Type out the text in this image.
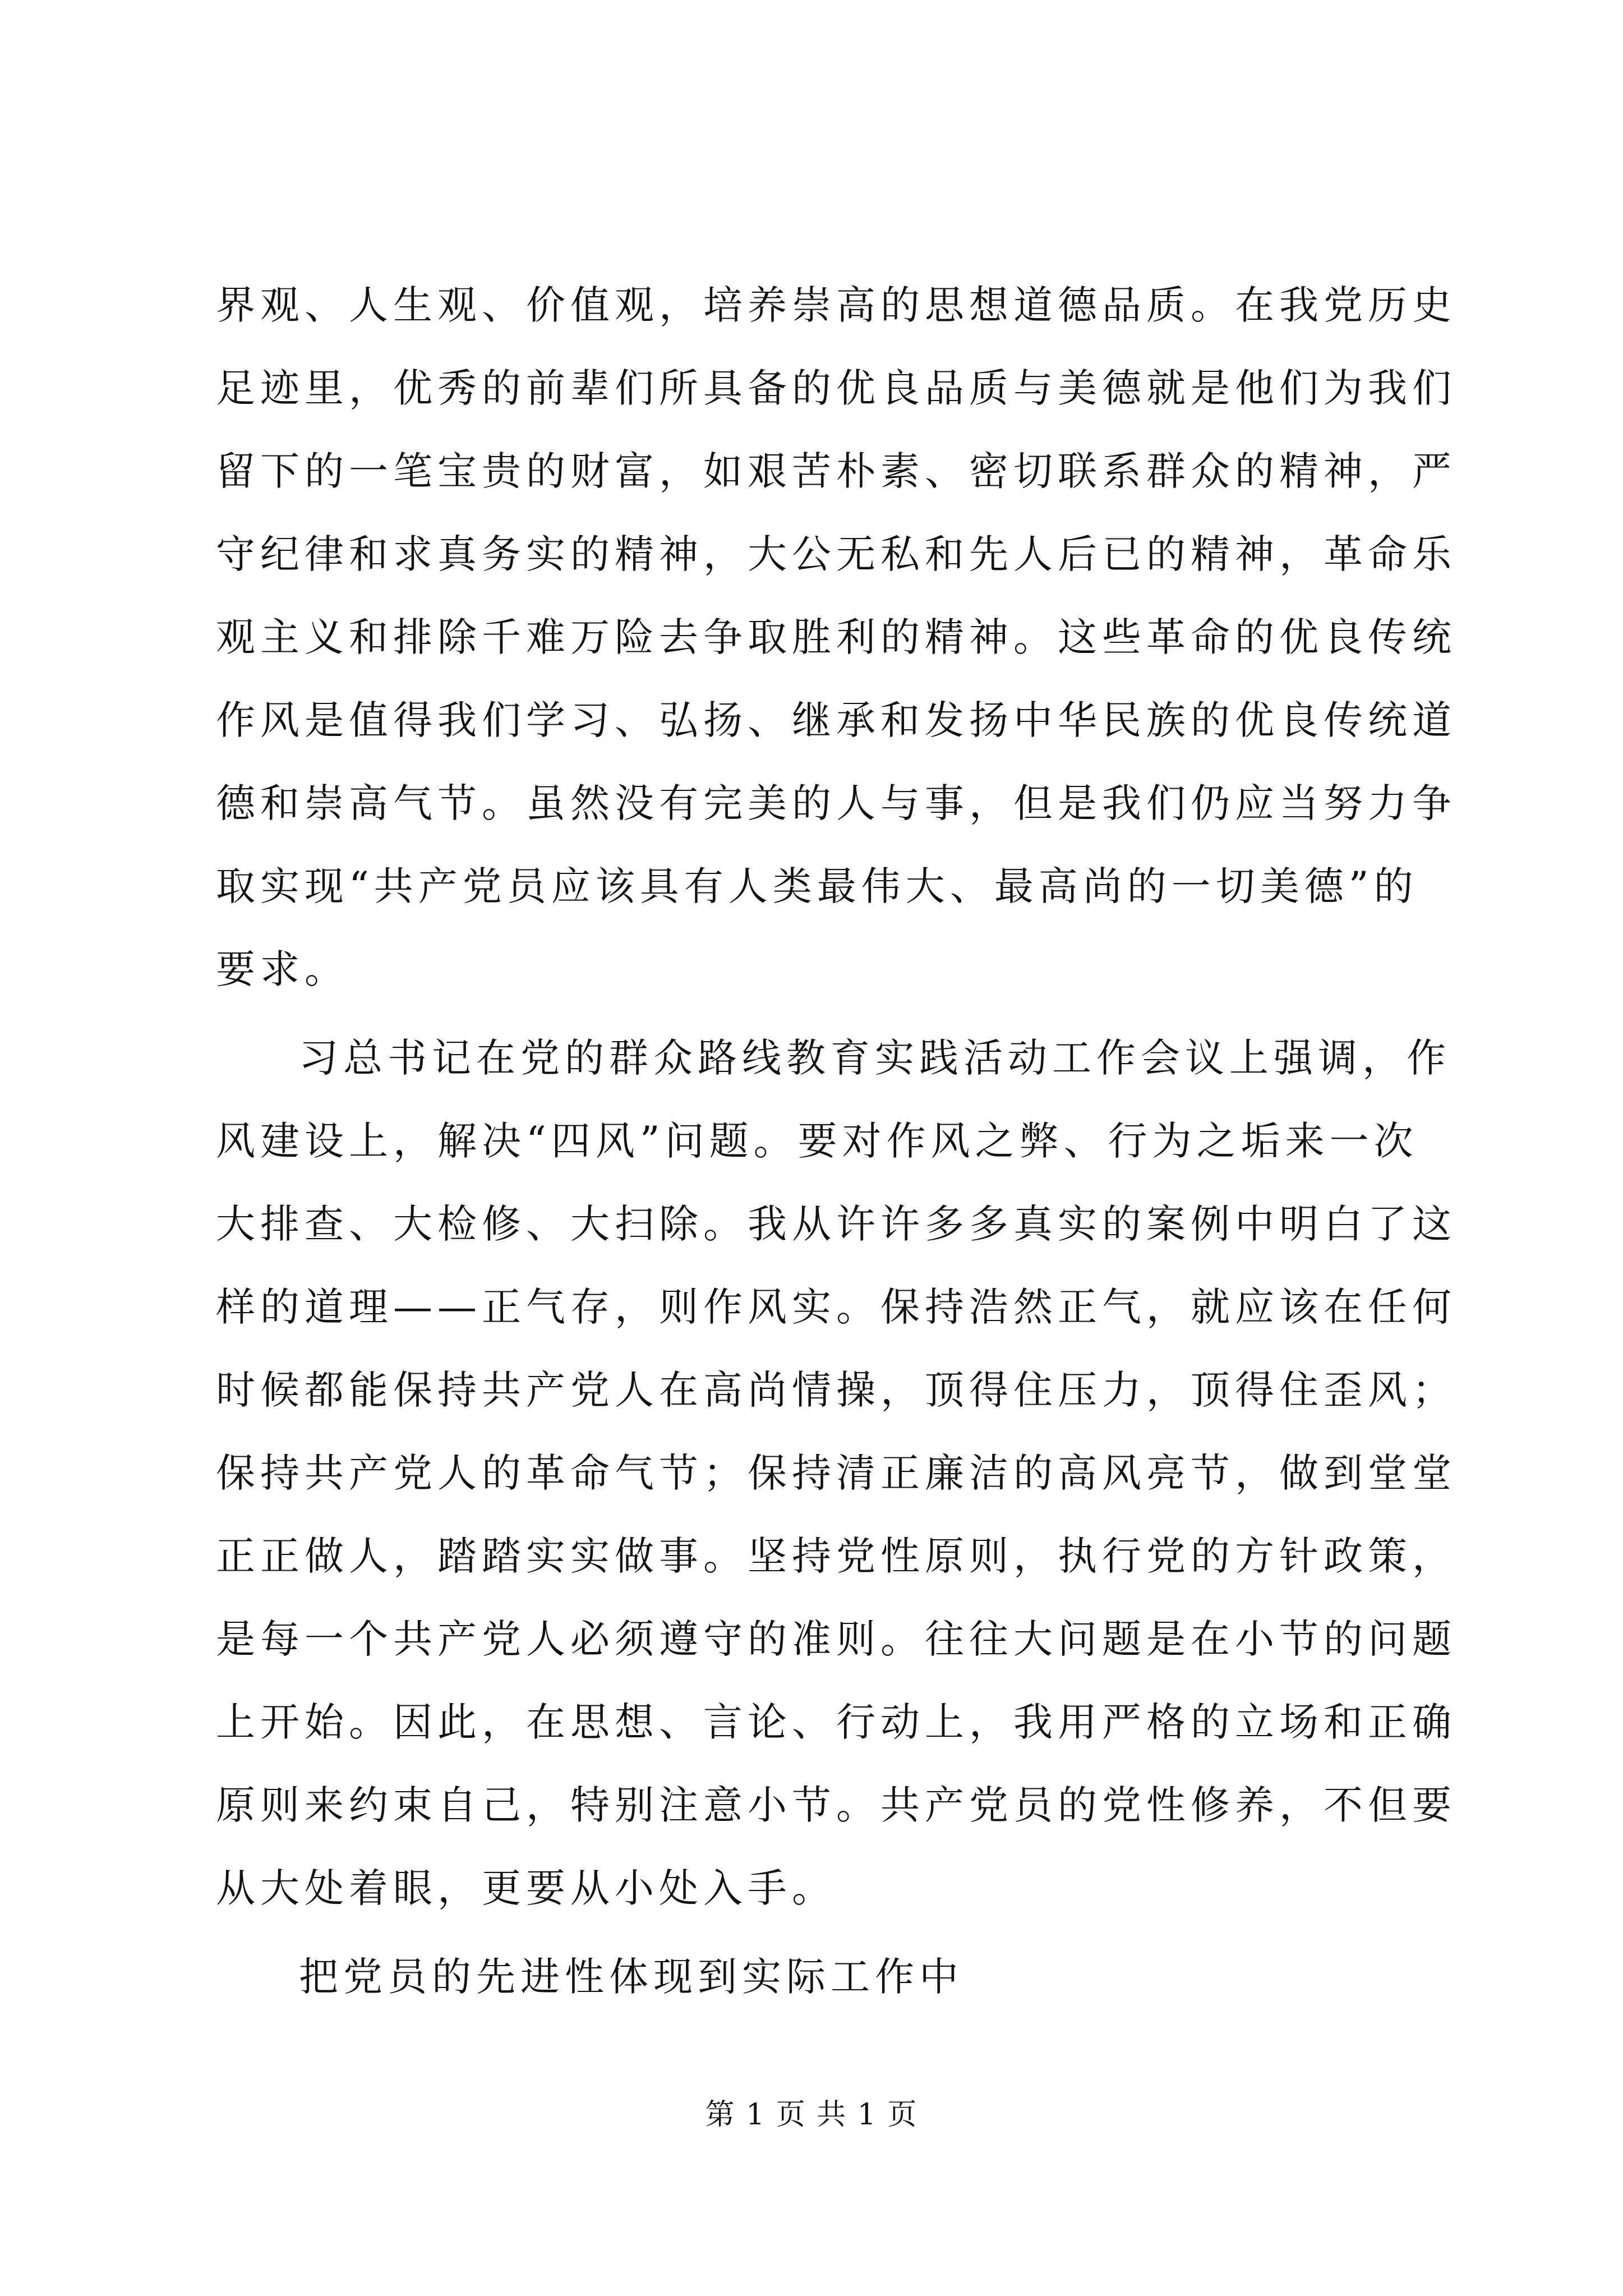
界观、人生观、价值观，培养崇高的思想道德品质。在我党历史
足迹里，优秀的前辈们所具备的优良品质与美德就是他们为我们
留下的一笔宝贵的财富，如艰苦朴素、密切联系群众的精神，严
守纪律和求真务实的精神，大公无私和先人后已的精神，革命乐
观主义和排除千难万险去争取胜利的精神。这些革命的优良传统
作风是值得我们学习、弘扬、继承和发扬中华民族的优良传统道
德和崇高气节。虽然没有完美的人与事，但是我们仍应当努力争
取实现“共产党员应该具有人类最伟大、最高尚的一切美德”的
要求。
习总书记在党的群众路线教育实践活动工作会议上强调，作
风建设上，解决“四风”问题。要对作风之弊、行为之垢来一次
大排查、大检修、大扫除。我从许许多多真实的案例中明白了这
样的道理——正气存，则作风实。保持浩然正气，就应该在任何
时候都能保持共产党人在高尚情操，顶得住压力，顶得住歪风；
保持共产党人的革命气节；保持清正廉洁的高风亮节，做到堂堂
正正做人，踏踏实实做事。坚持党性原则，执行党的方针政策，
是每一个共产党人必须遵守的准则。往往大问题是在小节的问题
上开始。因此，在思想、言论、行动上，我用严格的立场和正确
原则来约束自己，特别注意小节。共产党员的党性修养，不但要
从大处着眼，更要从小处入手。
把党员的先进性体现到实际工作中
第 1 页 共 1 页
